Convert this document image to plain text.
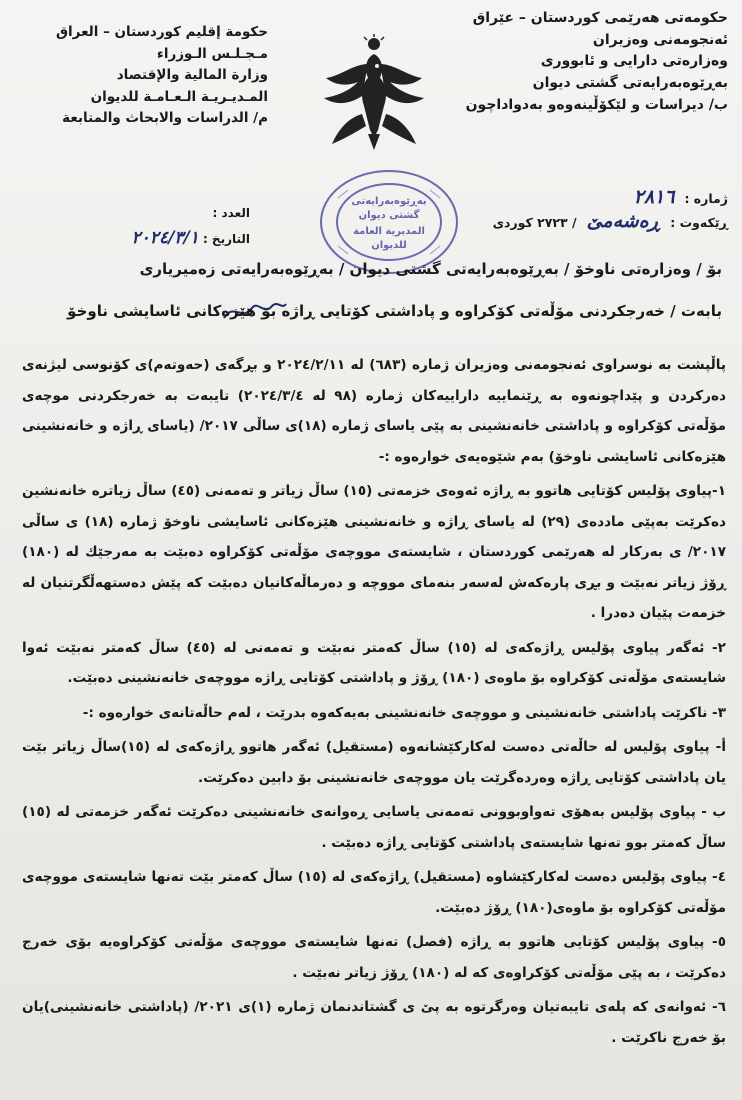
حكومەتی هەرێمی كوردستان – عێراق
ئەنجومەنی وەزیران
وەزارەتی دارایی و ئابووری
بەڕێوەبەرایەتی گشتی دیوان
ب/ دیراسات و لێكۆڵینەوەو بەدواداچون
حكومة إقليم كوردستان – العراق
مـجـلـس الـوزراء
وزارة المالية والإقتصاد
المـديـريـة الـعـامـة للديوان
م/ الدراسات والابحاث والمتابعة
ژمارە :
٢٨١٦
ڕێكەوت :
ڕەشەمێ
/ ٢٧٢٣ كوردی
العدد :
التاريخ : ٢٠٢٤/٣/١
بەڕێوەبەرایەتی
گشتی دیوان
المديرية العامة
للديوان
بۆ / وەزارەتی ناوخۆ / بەڕێوەبەرایەتی گشتی دیوان / بەڕێوەبەرایەتی زەمیریاری
بابەت / خەرجكردنی مۆڵەتی كۆكراوە و پاداشتی كۆتایی ڕاژە بۆ هێزەكانی ئاسایشی ناوخۆ

پاڵپشت بە نوسراوی ئەنجومەنی وەزیران ژمارە (٦٨٣) لە ٢٠٢٤/٢/١١ و بڕگەی (حەوتەم)ی كۆنوسی لیژنەی دەركردن و پێداچونەوە بە ڕێنماییە داراییەكان ژمارە (٩٨ لە ٢٠٢٤/٣/٤) تایبەت بە خەرجكردنی موچەی مۆڵەتی كۆكراوە و پاداشتی خانەنشینی بە پێی یاسای ژمارە (١٨)ی ساڵی ٢٠١٧/ (یاسای ڕاژە و خانەنشینی هێزەكانی ئاسایشی ناوخۆ) بەم شێوەیەی خوارەوە :-

١-پیاوی پۆلیس كۆتایی هاتوو بە ڕاژە ئەوەی خزمەتی (١٥) ساڵ زیاتر و تەمەنی (٤٥) ساڵ زیاترە خانەنشین دەكرێت بەپێی ماددەی (٢٩) لە یاسای ڕاژە و خانەنشینی هێزەكانی ئاسایشی ناوخۆ ژمارە (١٨) ی ساڵی ٢٠١٧/ ی بەركار لە هەرێمی كوردستان ، شایستەی مووچەی مۆڵەتی كۆكراوە دەبێت بە مەرجێك لە (١٨٠) ڕۆژ زیاتر نەبێت و بڕی پارەكەش لەسەر بنەمای مووچە و دەرماڵەكانیان دەبێت كە پێش دەستهەڵگرتنیان لە خزمەت پێیان دەدرا .

٢- ئەگەر پیاوی پۆلیس ڕاژەكەی لە (١٥) ساڵ كەمتر نەبێت و تەمەنی لە (٤٥) ساڵ كەمتر نەبێت ئەوا شایستەی مۆڵەتی كۆكراوە بۆ ماوەی (١٨٠) ڕۆژ و پاداشتی كۆتایی ڕاژە مووچەی خانەنشینی دەبێت.

٣- ناكرێت پاداشتی خانەنشینی و مووچەی خانەنشینی بەیەكەوە بدرێت ، لەم حاڵەتانەی خوارەوە :-

أ- پیاوی پۆلیس لە حاڵەتی دەست لەكاركێشانەوە (مستقیل) ئەگەر هاتوو ڕاژەكەی لە (١٥)ساڵ زیاتر بێت یان پاداشتی كۆتایی ڕاژە وەردەگرێت یان مووچەی خانەنشینی بۆ دابین دەكرێت.

ب - پیاوی پۆلیس بەهۆی تەواوبوونی تەمەنی یاسایی ڕەوانەی خانەنشینی دەكرێت ئەگەر خزمەتی لە (١٥) ساڵ كەمتر بوو تەنها شایستەی پاداشتی كۆتایی ڕاژە دەبێت .

٤- پیاوی پۆلیس دەست لەكاركێشاوە (مستقیل) ڕاژەكەی لە (١٥) ساڵ كەمتر بێت تەنها شایستەی مووچەی مۆڵەتی كۆكراوە بۆ ماوەی(١٨٠) ڕۆژ دەبێت.

٥- پیاوی پۆلیس كۆتایی هاتوو بە ڕاژە (فصل) تەنها شایستەی مووچەی مۆڵەتی كۆكراوەیە بۆی خەرج دەكرێت ، بە پێی مۆڵەتی كۆكراوەی كە لە (١٨٠) ڕۆژ زیاتر نەبێت .

٦- ئەوانەی كە پلەی تایبەتیان وەرگرتوە بە پێ ی گشتاندنمان ژمارە (١)ی ٢٠٢١/ (پاداشتی خانەنشینی)یان بۆ خەرج ناكرێت .
